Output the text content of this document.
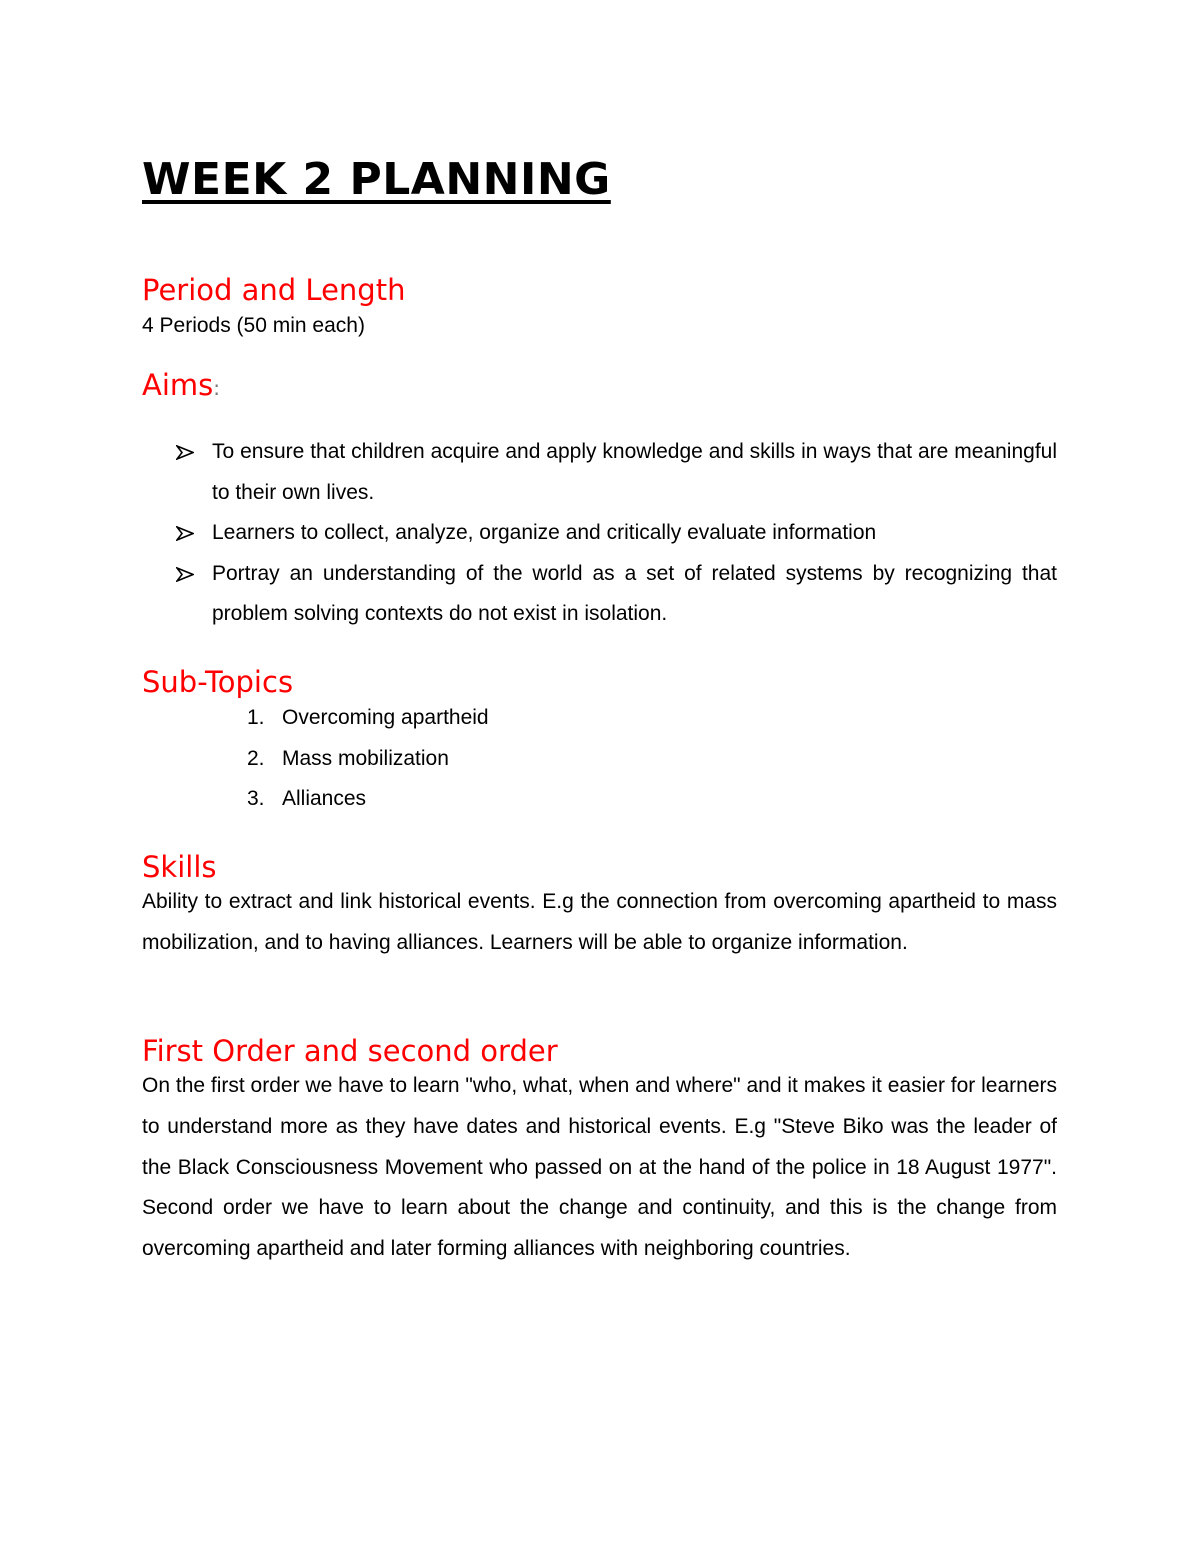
WEEK 2 PLANNING
Period and Length

4 Periods (50 min each)

Aims:
To ensure that children acquire and apply knowledge and skills in ways that are meaningful to their own lives.
Learners to collect, analyze, organize and critically evaluate information
Portray an understanding of the world as a set of related systems by recognizing that problem solving contexts do not exist in isolation.
Sub-Topics
1. Overcoming apartheid
2. Mass mobilization
3. Alliances
Skills

Ability to extract and link historical events. E.g the connection from overcoming apartheid to mass mobilization, and to having alliances. Learners will be able to organize information.

First Order and second order

On the first order we have to learn "who, what, when and where" and it makes it easier for learners to understand more as they have dates and historical events. E.g "Steve Biko was the leader of the Black Consciousness Movement who passed on at the hand of the police in 18 August 1977". Second order we have to learn about the change and continuity, and this is the change from overcoming apartheid and later forming alliances with neighboring countries.
